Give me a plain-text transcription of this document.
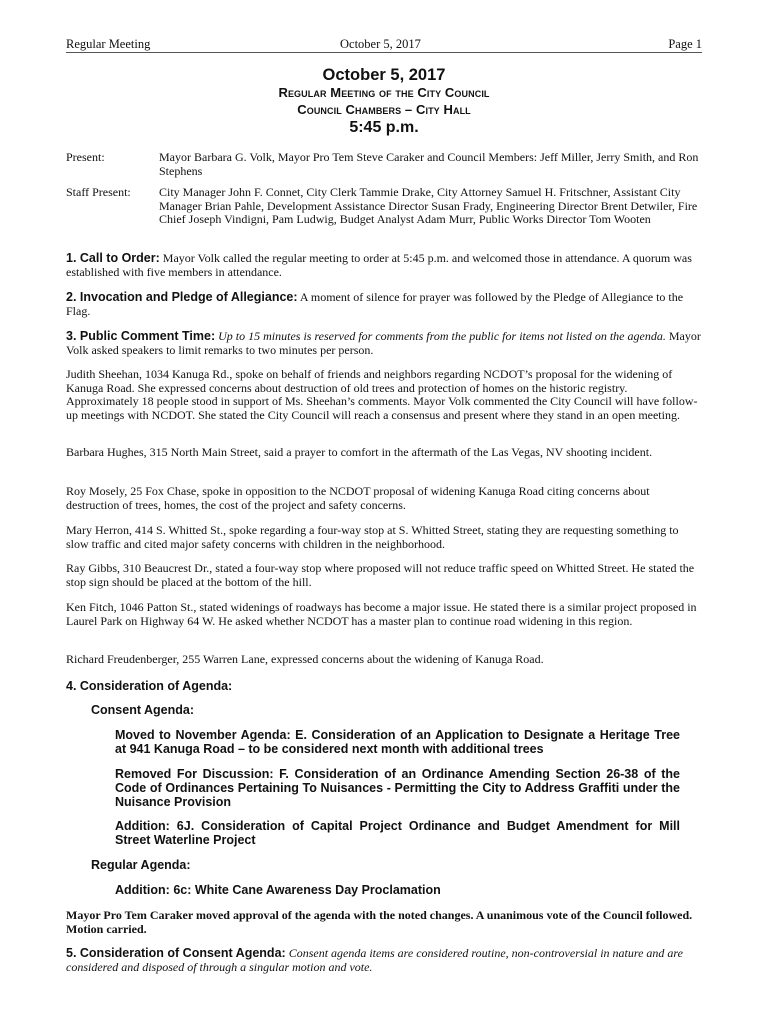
Regular Meeting	October 5, 2017	Page 1
October 5, 2017
Regular Meeting of the City Council
Council Chambers – City Hall
5:45 p.m.
Present:	Mayor Barbara G. Volk, Mayor Pro Tem Steve Caraker and Council Members: Jeff Miller, Jerry Smith, and Ron Stephens
Staff Present:	City Manager John F. Connet, City Clerk Tammie Drake, City Attorney Samuel H. Fritschner, Assistant City Manager Brian Pahle, Development Assistance Director Susan Frady, Engineering Director Brent Detwiler, Fire Chief Joseph Vindigni, Pam Ludwig, Budget Analyst Adam Murr, Public Works Director Tom Wooten
1. Call to Order: Mayor Volk called the regular meeting to order at 5:45 p.m. and welcomed those in attendance. A quorum was established with five members in attendance.
2. Invocation and Pledge of Allegiance: A moment of silence for prayer was followed by the Pledge of Allegiance to the Flag.
3. Public Comment Time: Up to 15 minutes is reserved for comments from the public for items not listed on the agenda. Mayor Volk asked speakers to limit remarks to two minutes per person.
Judith Sheehan, 1034 Kanuga Rd., spoke on behalf of friends and neighbors regarding NCDOT’s proposal for the widening of Kanuga Road. She expressed concerns about destruction of old trees and protection of homes on the historic registry. Approximately 18 people stood in support of Ms. Sheehan’s comments. Mayor Volk commented the City Council will have follow-up meetings with NCDOT. She stated the City Council will reach a consensus and present where they stand in an open meeting.
Barbara Hughes, 315 North Main Street, said a prayer to comfort in the aftermath of the Las Vegas, NV shooting incident.
Roy Mosely, 25 Fox Chase, spoke in opposition to the NCDOT proposal of widening Kanuga Road citing concerns about destruction of trees, homes, the cost of the project and safety concerns.
Mary Herron, 414 S. Whitted St., spoke regarding a four-way stop at S. Whitted Street, stating they are requesting something to slow traffic and cited major safety concerns with children in the neighborhood.
Ray Gibbs, 310 Beaucrest Dr., stated a four-way stop where proposed will not reduce traffic speed on Whitted Street. He stated the stop sign should be placed at the bottom of the hill.
Ken Fitch, 1046 Patton St., stated widenings of roadways has become a major issue. He stated there is a similar project proposed in Laurel Park on Highway 64 W. He asked whether NCDOT has a master plan to continue road widening in this region.
Richard Freudenberger, 255 Warren Lane, expressed concerns about the widening of Kanuga Road.
4. Consideration of Agenda:
Consent Agenda:
Moved to November Agenda: E. Consideration of an Application to Designate a Heritage Tree at 941 Kanuga Road – to be considered next month with additional trees
Removed For Discussion: F. Consideration of an Ordinance Amending Section 26-38 of the Code of Ordinances Pertaining To Nuisances - Permitting the City to Address Graffiti under the Nuisance Provision
Addition: 6J. Consideration of Capital Project Ordinance and Budget Amendment for Mill Street Waterline Project
Regular Agenda:
Addition: 6c: White Cane Awareness Day Proclamation
Mayor Pro Tem Caraker moved approval of the agenda with the noted changes. A unanimous vote of the Council followed. Motion carried.
5. Consideration of Consent Agenda: Consent agenda items are considered routine, non-controversial in nature and are considered and disposed of through a singular motion and vote.
